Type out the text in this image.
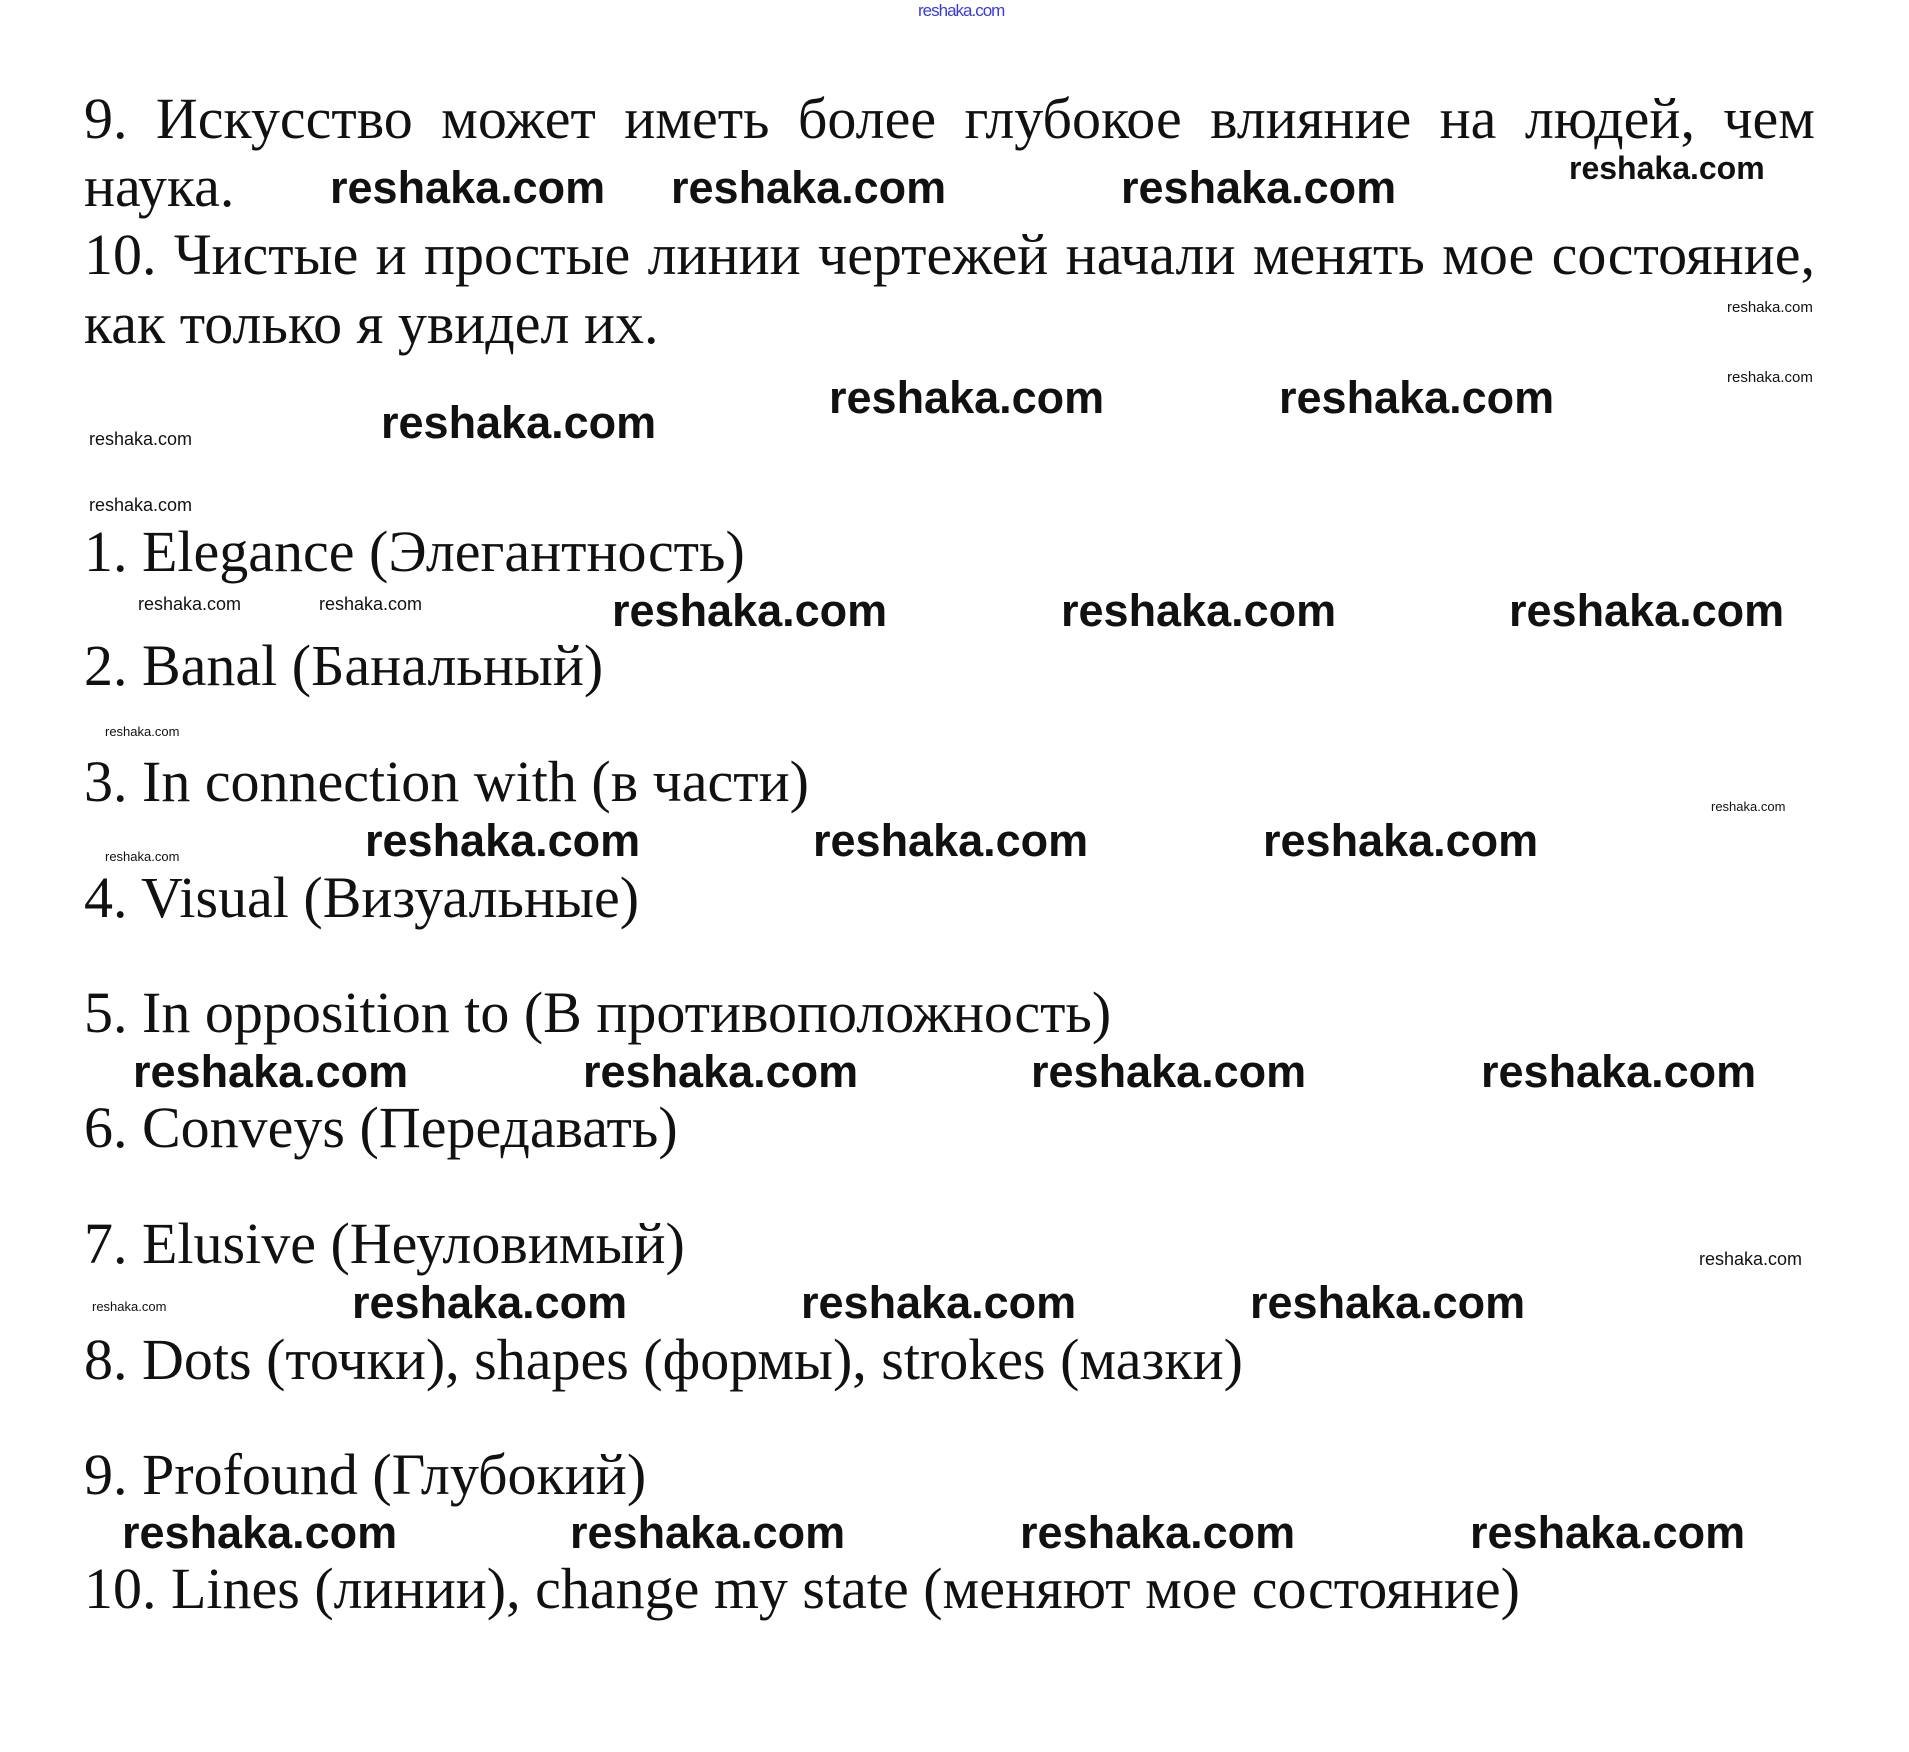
reshaka.com
9. Искусство может иметь более глубокое влияние на людей, чем
наука.
10. Чистые и простые линии чертежей начали менять мое состояние,
как только я увидел их.
1. Elegance (Элегантность)
2. Banal (Банальный)
3. In connection with (в части)
4. Visual (Визуальные)
5. In opposition to (В противоположность)
6. Conveys (Передавать)
7. Elusive (Неуловимый)
8. Dots (точки), shapes (формы), strokes (мазки)
9. Profound (Глубокий)
10. Lines (линии), change my state (меняют мое состояние)
reshaka.com reshaka.com	reshaka.com	reshaka.com
reshaka.com	reshaka.com	reshaka.com
reshaka.com
reshaka.com
reshaka.com
reshaka.com
reshaka.com	reshaka.com	reshaka.com
reshaka.com	reshaka.com
reshaka.com
reshaka.com	reshaka.com	reshaka.com
reshaka.com
reshaka.com
reshaka.com	reshaka.com	reshaka.com	reshaka.com
reshaka.com
reshaka.com	reshaka.com	reshaka.com
reshaka.com
reshaka.com	reshaka.com	reshaka.com	reshaka.com
